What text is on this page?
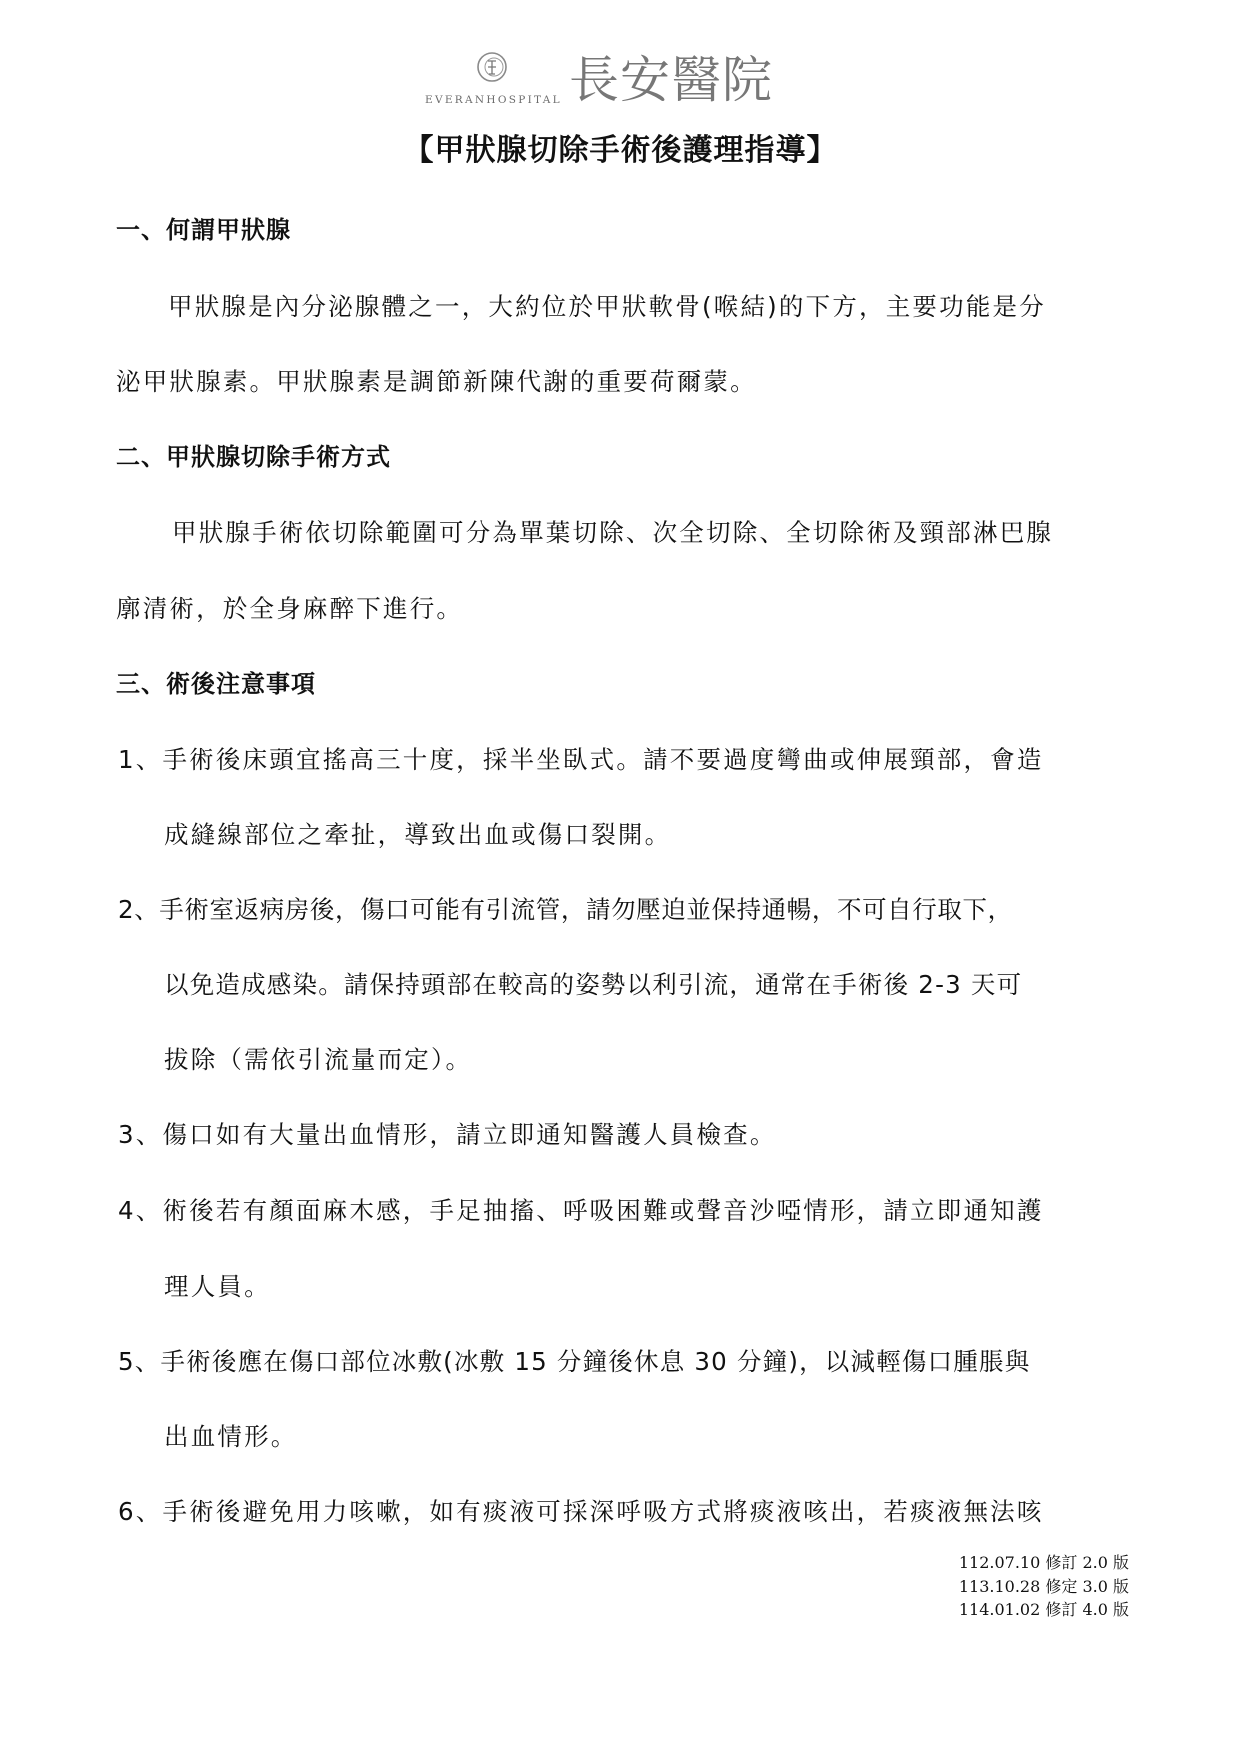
EVERANHOSPITAL 長安醫院
【甲狀腺切除手術後護理指導】
一、何謂甲狀腺
甲狀腺是內分泌腺體之一，大約位於甲狀軟骨(喉結)的下方，主要功能是分
泌甲狀腺素。甲狀腺素是調節新陳代謝的重要荷爾蒙。
二、甲狀腺切除手術方式
甲狀腺手術依切除範圍可分為單葉切除、次全切除、全切除術及頸部淋巴腺
廓清術，於全身麻醉下進行。
三、術後注意事項
1、手術後床頭宜搖高三十度，採半坐臥式。請不要過度彎曲或伸展頸部，會造
成縫線部位之牽扯，導致出血或傷口裂開。
2、手術室返病房後，傷口可能有引流管，請勿壓迫並保持通暢，不可自行取下，
以免造成感染。請保持頭部在較高的姿勢以利引流，通常在手術後 2-3 天可
拔除（需依引流量而定）。
3、傷口如有大量出血情形，請立即通知醫護人員檢查。
4、術後若有顏面麻木感，手足抽搐、呼吸困難或聲音沙啞情形，請立即通知護
理人員。
5、手術後應在傷口部位冰敷(冰敷 15 分鐘後休息 30 分鐘)，以減輕傷口腫脹與
出血情形。
6、手術後避免用力咳嗽，如有痰液可採深呼吸方式將痰液咳出，若痰液無法咳
112.07.10 修訂 2.0 版
113.10.28 修定 3.0 版
114.01.02 修訂 4.0 版
